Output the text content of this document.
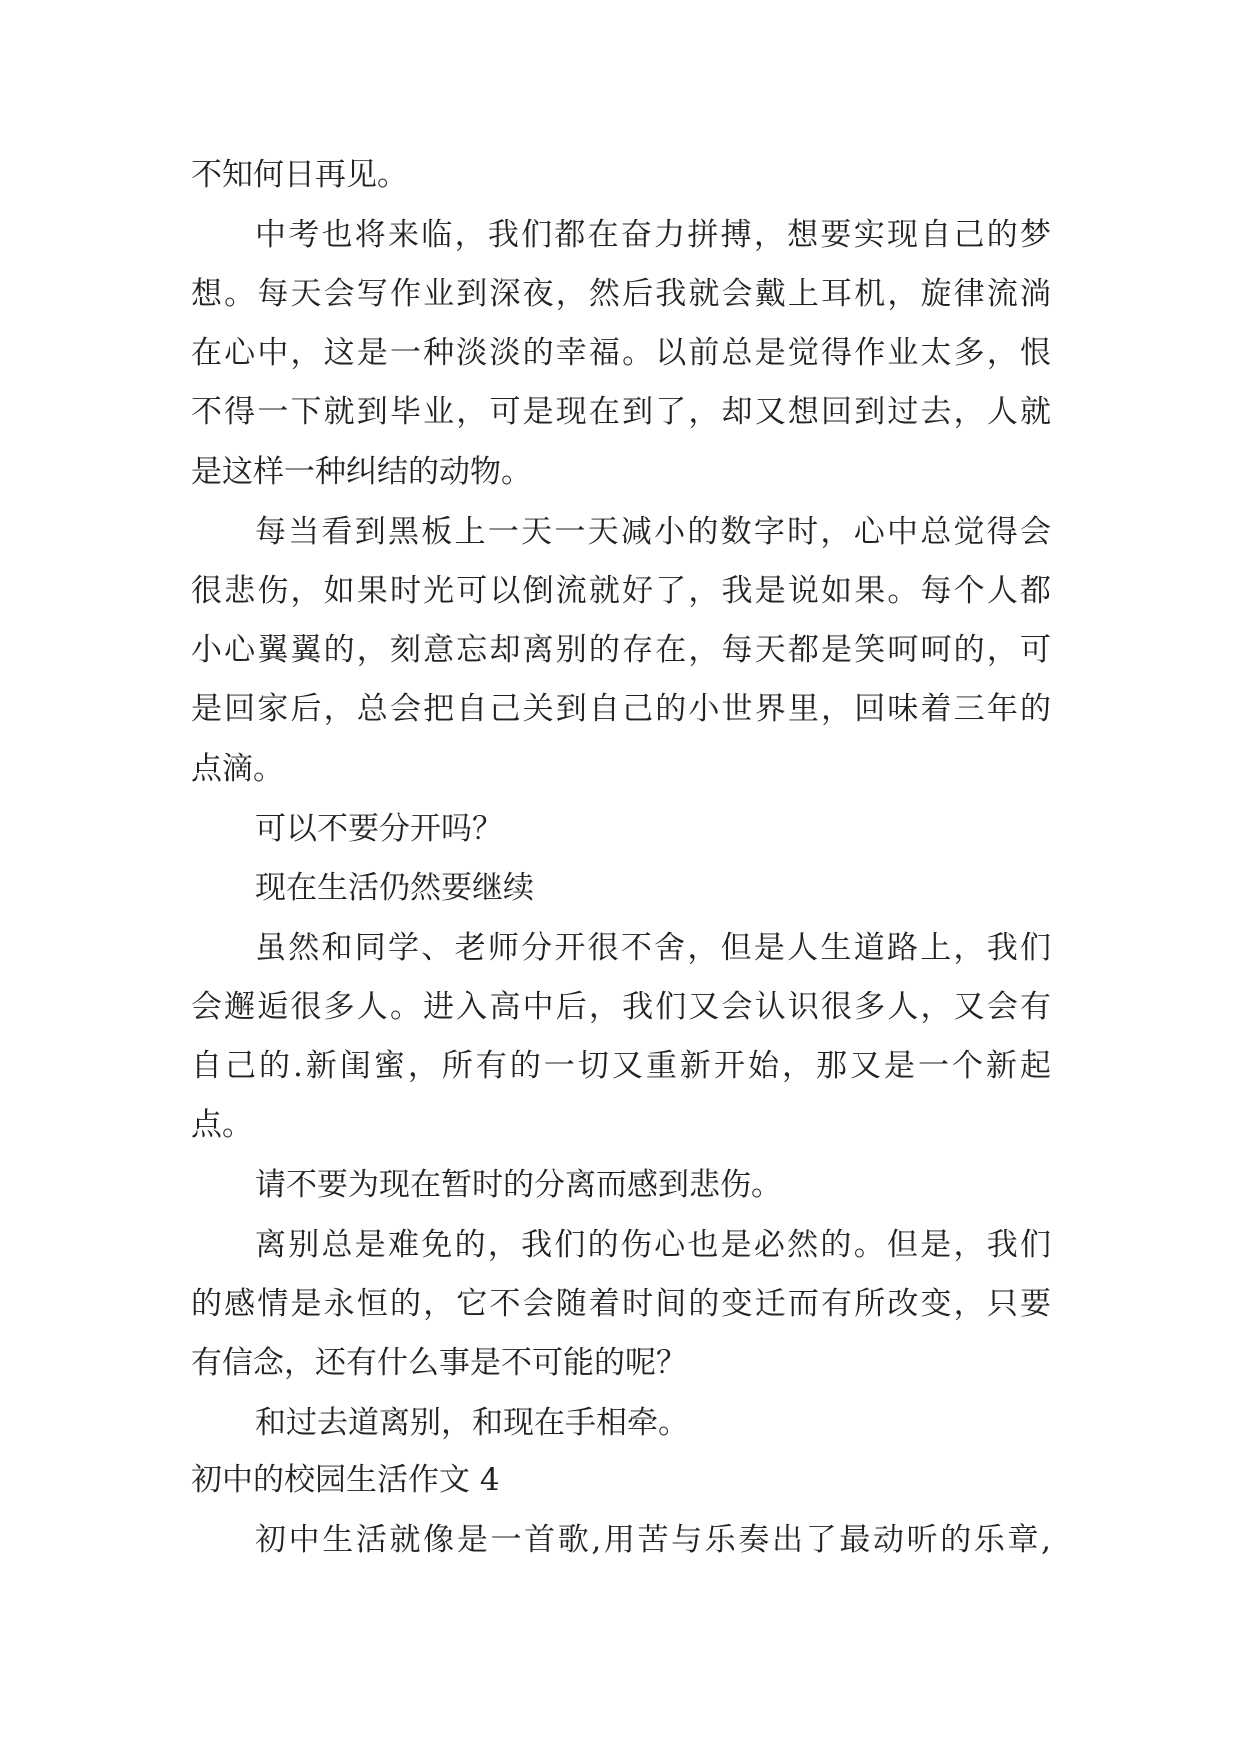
不知何日再见。
中考也将来临，我们都在奋力拼搏，想要实现自己的梦
想。每天会写作业到深夜，然后我就会戴上耳机，旋律流淌
在心中，这是一种淡淡的幸福。以前总是觉得作业太多，恨
不得一下就到毕业，可是现在到了，却又想回到过去，人就
是这样一种纠结的动物。
每当看到黑板上一天一天减小的数字时，心中总觉得会
很悲伤，如果时光可以倒流就好了，我是说如果。每个人都
小心翼翼的，刻意忘却离别的存在，每天都是笑呵呵的，可
是回家后，总会把自己关到自己的小世界里，回味着三年的
点滴。
可以不要分开吗？
现在生活仍然要继续
虽然和同学、老师分开很不舍，但是人生道路上，我们
会邂逅很多人。进入高中后，我们又会认识很多人，又会有
自己的.新闺蜜，所有的一切又重新开始，那又是一个新起
点。
请不要为现在暂时的分离而感到悲伤。
离别总是难免的，我们的伤心也是必然的。但是，我们
的感情是永恒的，它不会随着时间的变迁而有所改变，只要
有信念，还有什么事是不可能的呢？
和过去道离别，和现在手相牵。
初中的校园生活作文 4
初中生活就像是一首歌,用苦与乐奏出了最动听的乐章,
